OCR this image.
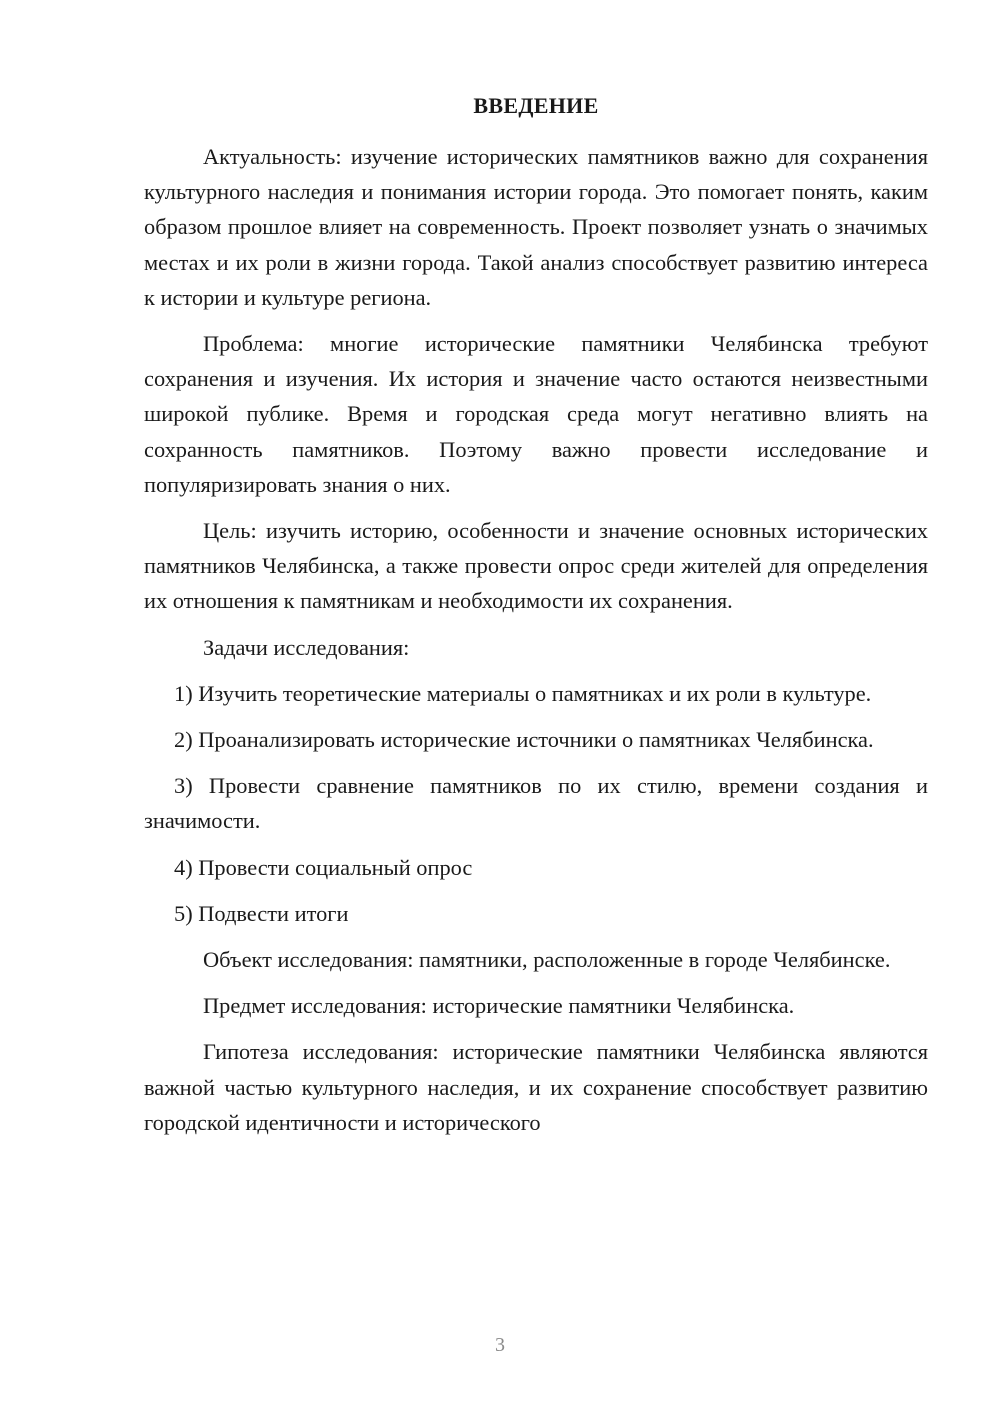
ВВЕДЕНИЕ

Актуальность: изучение исторических памятников важно для сохранения культурного наследия и понимания истории города. Это помогает понять, каким образом прошлое влияет на современность. Проект позволяет узнать о значимых местах и их роли в жизни города. Такой анализ способствует развитию интереса к истории и культуре региона.

Проблема: многие исторические памятники Челябинска требуют сохранения и изучения. Их история и значение часто остаются неизвестными широкой публике. Время и городская среда могут негативно влиять на сохранность памятников. Поэтому важно провести исследование и популяризировать знания о них.

Цель: изучить историю, особенности и значение основных исторических памятников Челябинска, а также провести опрос среди жителей для определения их отношения к памятникам и необходимости их сохранения.

Задачи исследования:

1) Изучить теоретические материалы о памятниках и их роли в культуре.

2) Проанализировать исторические источники о памятниках Челябинска.

3) Провести сравнение памятников по их стилю, времени создания и значимости.

4) Провести социальный опрос

5) Подвести итоги

Объект исследования: памятники, расположенные в городе Челябинске.

Предмет исследования: исторические памятники Челябинска.

Гипотеза исследования: исторические памятники Челябинска являются важной частью культурного наследия, и их сохранение способствует развитию городской идентичности и исторического

3
